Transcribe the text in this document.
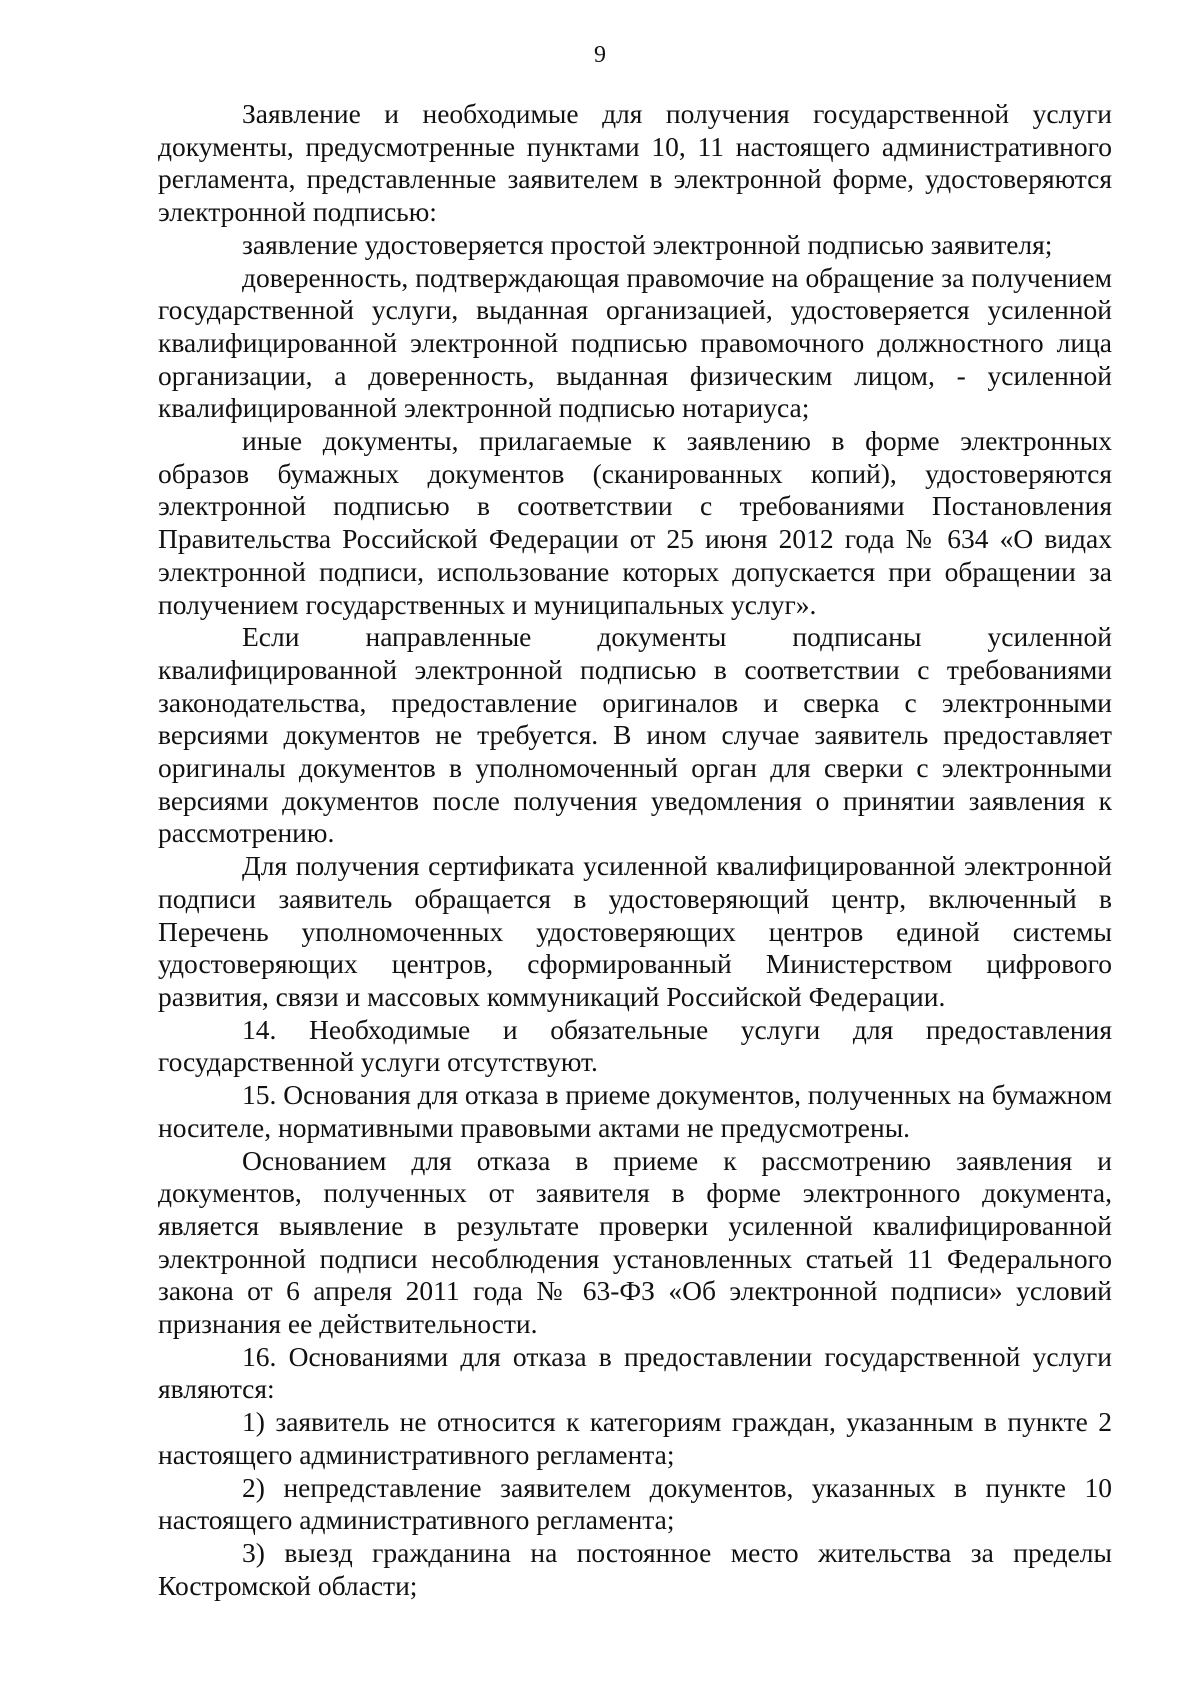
9

Заявление и необходимые для получения государственной услуги документы, предусмотренные пунктами 10, 11 настоящего административного регламента, представленные заявителем в электронной форме, удостоверяются электронной подписью:

заявление удостоверяется простой электронной подписью заявителя;

доверенность, подтверждающая правомочие на обращение за получением государственной услуги, выданная организацией, удостоверяется усиленной квалифицированной электронной подписью правомочного должностного лица организации, а доверенность, выданная физическим лицом, - усиленной квалифицированной электронной подписью нотариуса;

иные документы, прилагаемые к заявлению в форме электронных образов бумажных документов (сканированных копий), удостоверяются электронной подписью в соответствии с требованиями Постановления Правительства Российской Федерации от 25 июня 2012 года № 634 «О видах электронной подписи, использование которых допускается при обращении за получением государственных и муниципальных услуг».

Если направленные документы подписаны усиленной квалифицированной электронной подписью в соответствии с требованиями законодательства, предоставление оригиналов и сверка с электронными версиями документов не требуется. В ином случае заявитель предоставляет оригиналы документов в уполномоченный орган для сверки с электронными версиями документов после получения уведомления о принятии заявления к рассмотрению.

Для получения сертификата усиленной квалифицированной электронной подписи заявитель обращается в удостоверяющий центр, включенный в Перечень уполномоченных удостоверяющих центров единой системы удостоверяющих центров, сформированный Министерством цифрового развития, связи и массовых коммуникаций Российской Федерации.

14. Необходимые и обязательные услуги для предоставления государственной услуги отсутствуют.

15. Основания для отказа в приеме документов, полученных на бумажном носителе, нормативными правовыми актами не предусмотрены.

Основанием для отказа в приеме к рассмотрению заявления и документов, полученных от заявителя в форме электронного документа, является выявление в результате проверки усиленной квалифицированной электронной подписи несоблюдения установленных статьей 11 Федерального закона от 6 апреля 2011 года № 63-ФЗ «Об электронной подписи» условий признания ее действительности.

16. Основаниями для отказа в предоставлении государственной услуги являются:

1) заявитель не относится к категориям граждан, указанным в пункте 2 настоящего административного регламента;

2) непредставление заявителем документов, указанных в пункте 10 настоящего административного регламента;

3) выезд гражданина на постоянное место жительства за пределы Костромской области;
